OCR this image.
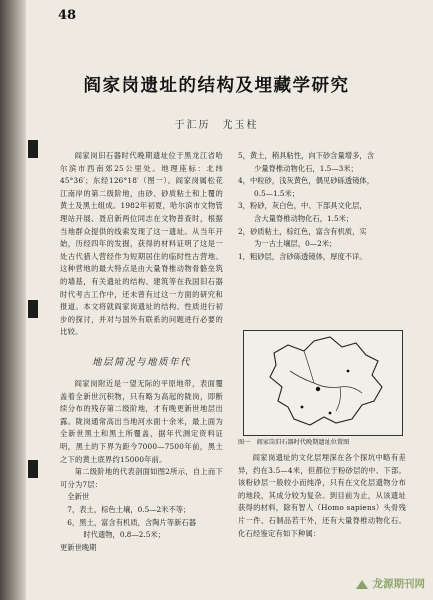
48
阎家岗遗址的结构及埋藏学研究
于汇历　尤玉柱

阎家岗旧石器时代晚期遗址位于黑龙江省哈尔滨市西南郊25公里处。地理座标：北纬45°36′；东经126°18′（图一）。阎家岗属松花江南岸的第二级阶地，由砂、砂质粘土和上覆的黄土及黑土组成。1982年初夏，哈尔滨市文物管理站开展、聂启新两位同志在文物普查时，根据当地群众提供的线索发现了这一遗址。从当年开始，历经四年的发掘，获得的材料证明了这是一处古代猎人营经作为短期居住的临时性古营地。这种营地的最大特点是由大量脊椎动物骨骼垒筑的墙基，有关遗址的结构、建筑等在我国旧石器时代考古工作中，还未曾有过这一方面的研究和报道。本文将就阎家岗遗址的结构、性质进行初步的探讨，并对与国外有联系的问题进行必要的比较。

地层简况与地质年代

阎家岗附近是一望无际的平原地带，表面覆盖着全新世沉积物，只有略为高起的陇岗，即断续分布的残存第二级阶地，才有晚更新世地层出露。陇岗通常高出当地河水面十余米，最上面为全新世黑土和黑土所覆盖，据年代测定资料证明，黑土的下界为距今7000—7500年前，黑土之下的黄土底界约15000年前。

第二级阶地的代表剖面如图2所示，自上而下可分为7层：

全新世
7，表土，棕色土壤，0.5—2米不等；
6，黑土，富含有机质，含陶片等新石器
时代遗物，0.8—2.5米；
更新世晚期
5，黄土，稍具粘性，向下砂含量增多，含
少量脊椎动物化石，1.5—3米；
4，中粒砂，浅灰黄色，偶见砂砾透镜体，
0.5—1.5米；
3，粉砂，灰白色，中、下部具文化层，
含大量脊椎动物化石，1.5米；
2，砂质粘土，棕红色，富含有机质，实
为一古土壤层，0—2米；
1，粗砂层，含砂砾透镜体，厚度不详。
图一　阎家岗旧石器时代晚期遗址位置图

阎家岗遗址的文化层埋深在各个探坑中略有差异，约在3.5—4米，但都位于粉砂层的中、下部。该粉砂层一般较小而纯净，只有在文化层遗物分布的地段，其成分较为复杂。到目前为止，从该遗址获得的材料，除有智人（Homo sapiens）头骨残片一件、石制品若干外，还有大量脊椎动物化石。化石经鉴定有如下种属：

龙源期刊网
